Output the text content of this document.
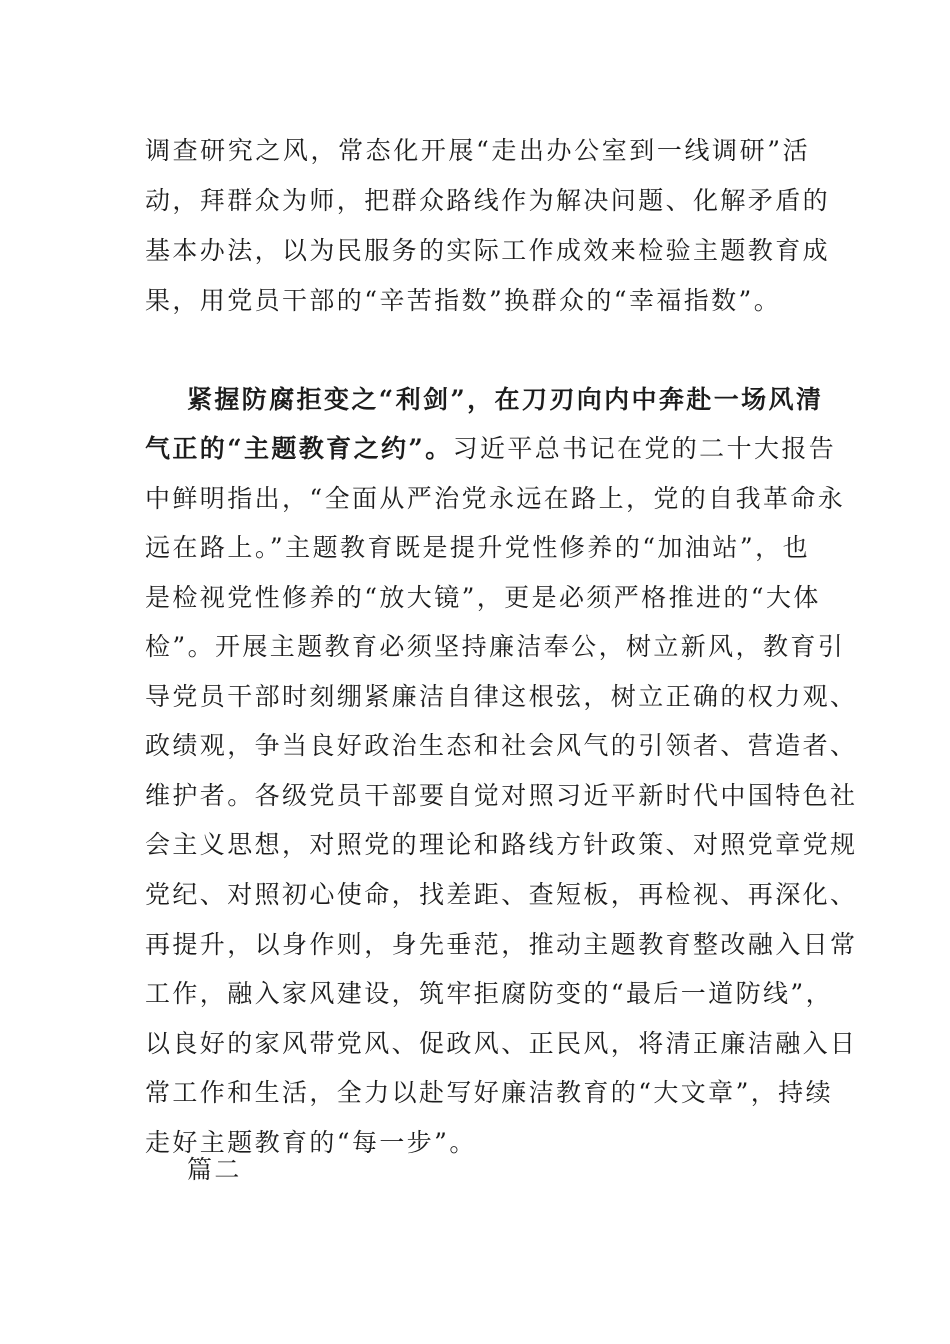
调查研究之风，常态化开展“走出办公室到一线调研”活
动，拜群众为师，把群众路线作为解决问题、化解矛盾的
基本办法，以为民服务的实际工作成效来检验主题教育成
果，用党员干部的“辛苦指数”换群众的“幸福指数”。
紧握防腐拒变之“利剑”，在刀刃向内中奔赴一场风清
气正的“主题教育之约”。习近平总书记在党的二十大报告
中鲜明指出，“全面从严治党永远在路上，党的自我革命永
远在路上。”主题教育既是提升党性修养的“加油站”，也
是检视党性修养的“放大镜”，更是必须严格推进的“大体
检”。开展主题教育必须坚持廉洁奉公，树立新风，教育引
导党员干部时刻绷紧廉洁自律这根弦，树立正确的权力观、
政绩观，争当良好政治生态和社会风气的引领者、营造者、
维护者。各级党员干部要自觉对照习近平新时代中国特色社
会主义思想，对照党的理论和路线方针政策、对照党章党规
党纪、对照初心使命，找差距、查短板，再检视、再深化、
再提升，以身作则，身先垂范，推动主题教育整改融入日常
工作，融入家风建设，筑牢拒腐防变的“最后一道防线”，
以良好的家风带党风、促政风、正民风，将清正廉洁融入日
常工作和生活，全力以赴写好廉洁教育的“大文章”，持续
走好主题教育的“每一步”。
篇二
